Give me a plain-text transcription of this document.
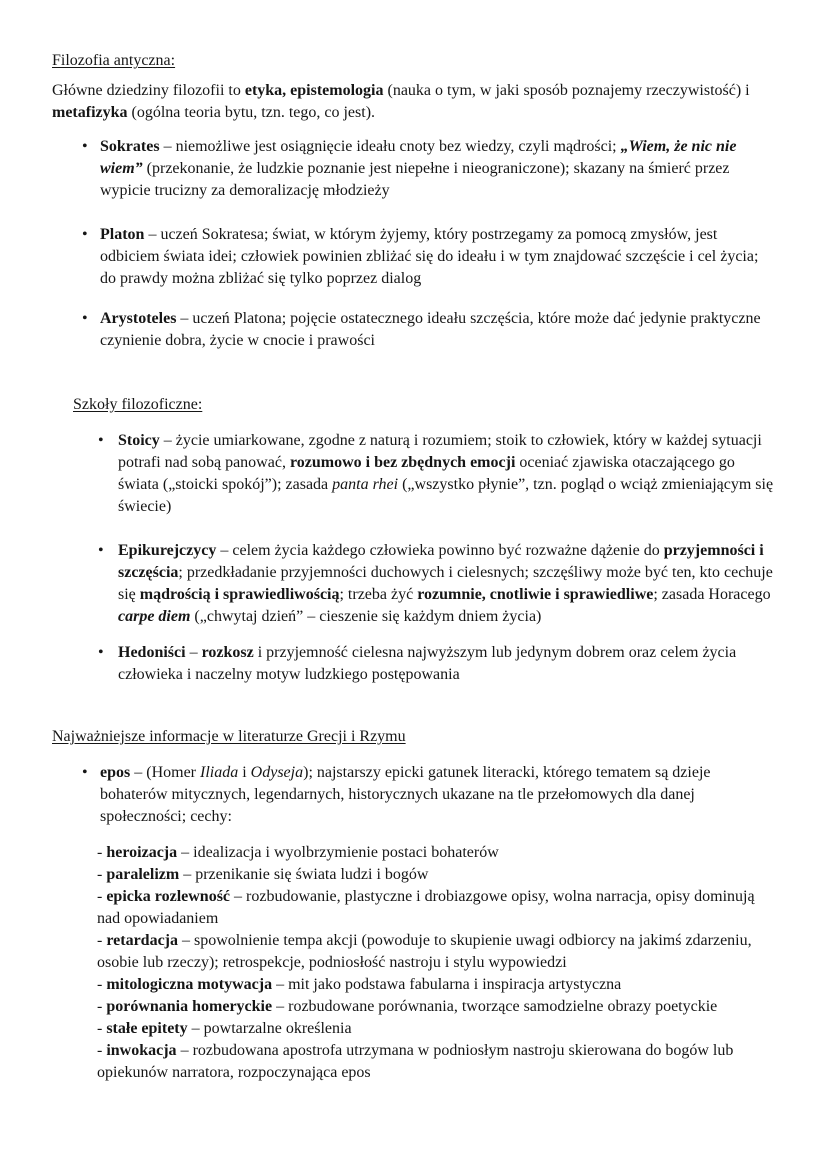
Filozofia antyczna:
Główne dziedziny filozofii to etyka, epistemologia (nauka o tym, w jaki sposób poznajemy rzeczywistość) i metafizyka (ogólna teoria bytu, tzn. tego, co jest).
• Sokrates – niemożliwe jest osiągnięcie ideału cnoty bez wiedzy, czyli mądrości; „Wiem, że nic nie wiem” (przekonanie, że ludzkie poznanie jest niepełne i nieograniczone); skazany na śmierć przez wypicie trucizny za demoralizację młodzieży
• Platon – uczeń Sokratesa; świat, w którym żyjemy, który postrzegamy za pomocą zmysłów, jest odbiciem świata idei; człowiek powinien zbliżać się do ideału i w tym znajdować szczęście i cel życia; do prawdy można zbliżać się tylko poprzez dialog
• Arystoteles – uczeń Platona; pojęcie ostatecznego ideału szczęścia, które może dać jedynie praktyczne czynienie dobra, życie w cnocie i prawości
Szkoły filozoficzne:
• Stoicy – życie umiarkowane, zgodne z naturą i rozumiem; stoik to człowiek, który w każdej sytuacji potrafi nad sobą panować, rozumowo i bez zbędnych emocji oceniać zjawiska otaczającego go świata („stoicki spokój”); zasada panta rhei („wszystko płynie”, tzn. pogląd o wciąż zmieniającym się świecie)
• Epikurejczycy – celem życia każdego człowieka powinno być rozważne dążenie do przyjemności i szczęścia; przedkładanie przyjemności duchowych i cielesnych; szczęśliwy może być ten, kto cechuje się mądrością i sprawiedliwością; trzeba żyć rozumnie, cnotliwie i sprawiedliwe; zasada Horacego carpe diem („chwytaj dzień” – cieszenie się każdym dniem życia)
• Hedoniści – rozkosz i przyjemność cielesna najwyższym lub jedynym dobrem oraz celem życia człowieka i naczelny motyw ludzkiego postępowania
Najważniejsze informacje w literaturze Grecji i Rzymu
• epos – (Homer Iliada i Odyseja); najstarszy epicki gatunek literacki, którego tematem są dzieje bohaterów mitycznych, legendarnych, historycznych ukazane na tle przełomowych dla danej społeczności; cechy:
- heroizacja – idealizacja i wyolbrzymienie postaci bohaterów
- paralelizm – przenikanie się świata ludzi i bogów
- epicka rozlewność – rozbudowanie, plastyczne i drobiazgowe opisy, wolna narracja, opisy dominują nad opowiadaniem
- retardacja – spowolnienie tempa akcji (powoduje to skupienie uwagi odbiorcy na jakimś zdarzeniu, osobie lub rzeczy); retrospekcje, podniosłość nastroju i stylu wypowiedzi
- mitologiczna motywacja – mit jako podstawa fabularna i inspiracja artystyczna
- porównania homeryckie – rozbudowane porównania, tworzące samodzielne obrazy poetyckie
- stałe epitety – powtarzalne określenia
- inwokacja – rozbudowana apostrofa utrzymana w podniosłym nastroju skierowana do bogów lub opiekunów narratora, rozpoczynająca epos
